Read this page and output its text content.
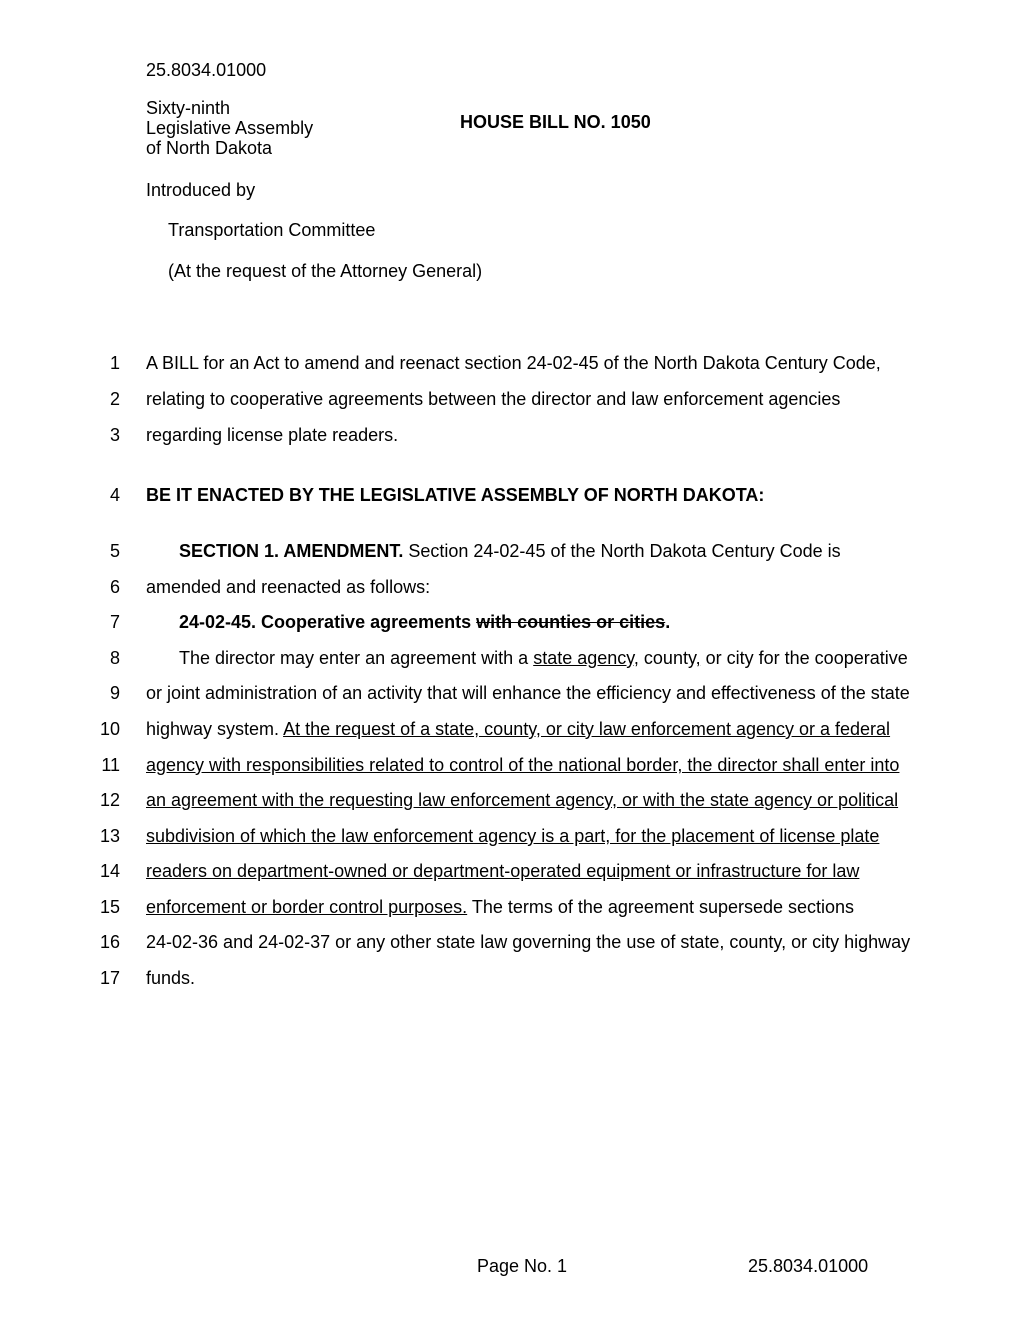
25.8034.01000
Sixty-ninth
Legislative Assembly
of North Dakota
HOUSE BILL NO. 1050
Introduced by
Transportation Committee
(At the request of the Attorney General)
1 A BILL for an Act to amend and reenact section 24-02-45 of the North Dakota Century Code,
2 relating to cooperative agreements between the director and law enforcement agencies
3 regarding license plate readers.
4 BE IT ENACTED BY THE LEGISLATIVE ASSEMBLY OF NORTH DAKOTA:
5	SECTION 1. AMENDMENT. Section 24-02-45 of the North Dakota Century Code is
6 amended and reenacted as follows:
7	24-02-45. Cooperative agreements with counties or cities.
8	The director may enter an agreement with a state agency, county, or city for the cooperative
9 or joint administration of an activity that will enhance the efficiency and effectiveness of the state
10 highway system. At the request of a state, county, or city law enforcement agency or a federal
11 agency with responsibilities related to control of the national border, the director shall enter into
12 an agreement with the requesting law enforcement agency, or with the state agency or political
13 subdivision of which the law enforcement agency is a part, for the placement of license plate
14 readers on department-owned or department-operated equipment or infrastructure for law
15 enforcement or border control purposes. The terms of the agreement supersede sections
16 24-02-36 and 24-02-37 or any other state law governing the use of state, county, or city highway
17 funds.
Page No. 1	25.8034.01000
